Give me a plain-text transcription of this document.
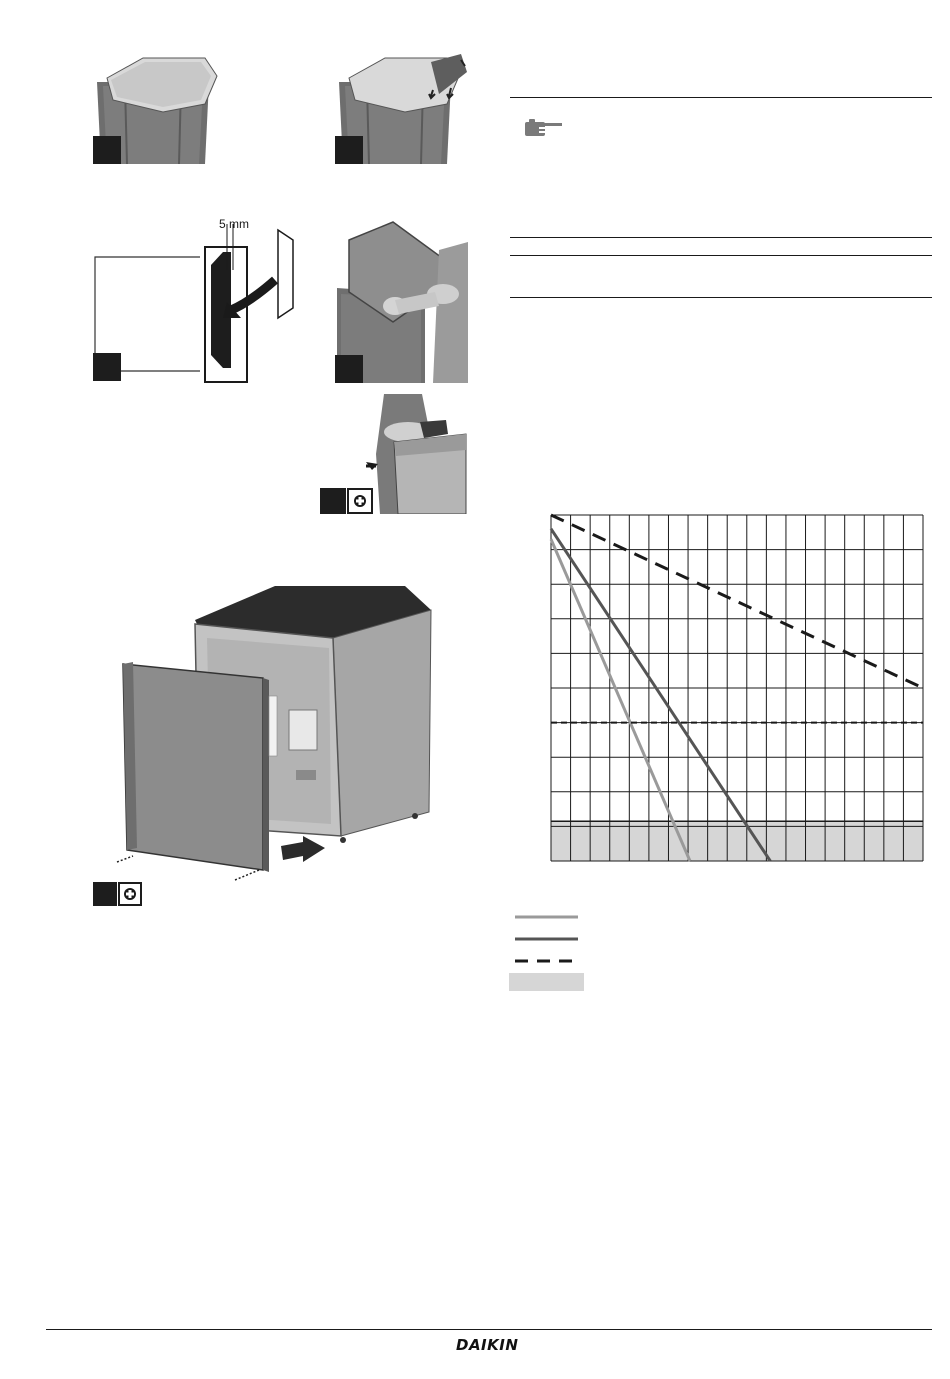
5 mm
DAIKIN
